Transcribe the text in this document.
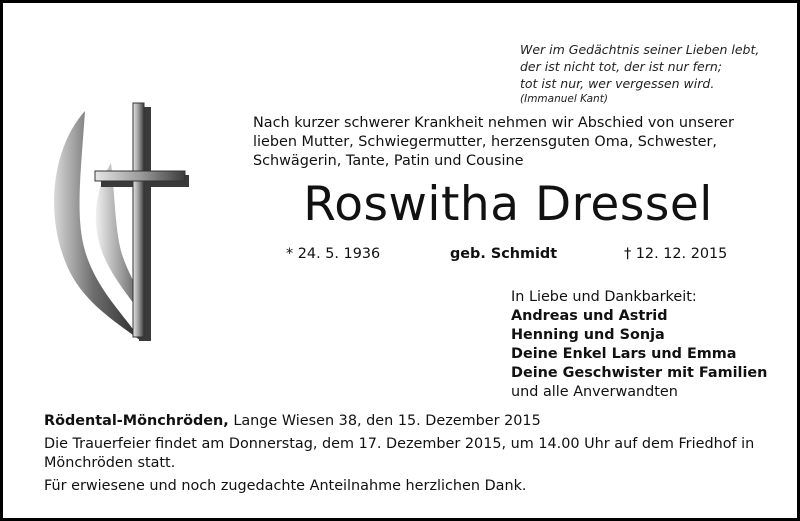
Wer im Gedächtnis seiner Lieben lebt,
der ist nicht tot, der ist nur fern;
tot ist nur, wer vergessen wird.
(Immanuel Kant)
Nach kurzer schwerer Krankheit nehmen wir Abschied von unserer
lieben Mutter, Schwiegermutter, herzensguten Oma, Schwester,
Schwägerin, Tante, Patin und Cousine
Roswitha Dressel
* 24. 5. 1936	geb. Schmidt	† 12. 12. 2015
In Liebe und Dankbarkeit:
Andreas und Astrid
Henning und Sonja
Deine Enkel Lars und Emma
Deine Geschwister mit Familien
und alle Anverwandten

Rödental-Mönchröden, Lange Wiesen 38, den 15. Dezember 2015

Die Trauerfeier findet am Donnerstag, dem 17. Dezember 2015, um 14.00 Uhr auf dem Friedhof in

Mönchröden statt.

Für erwiesene und noch zugedachte Anteilnahme herzlichen Dank.
